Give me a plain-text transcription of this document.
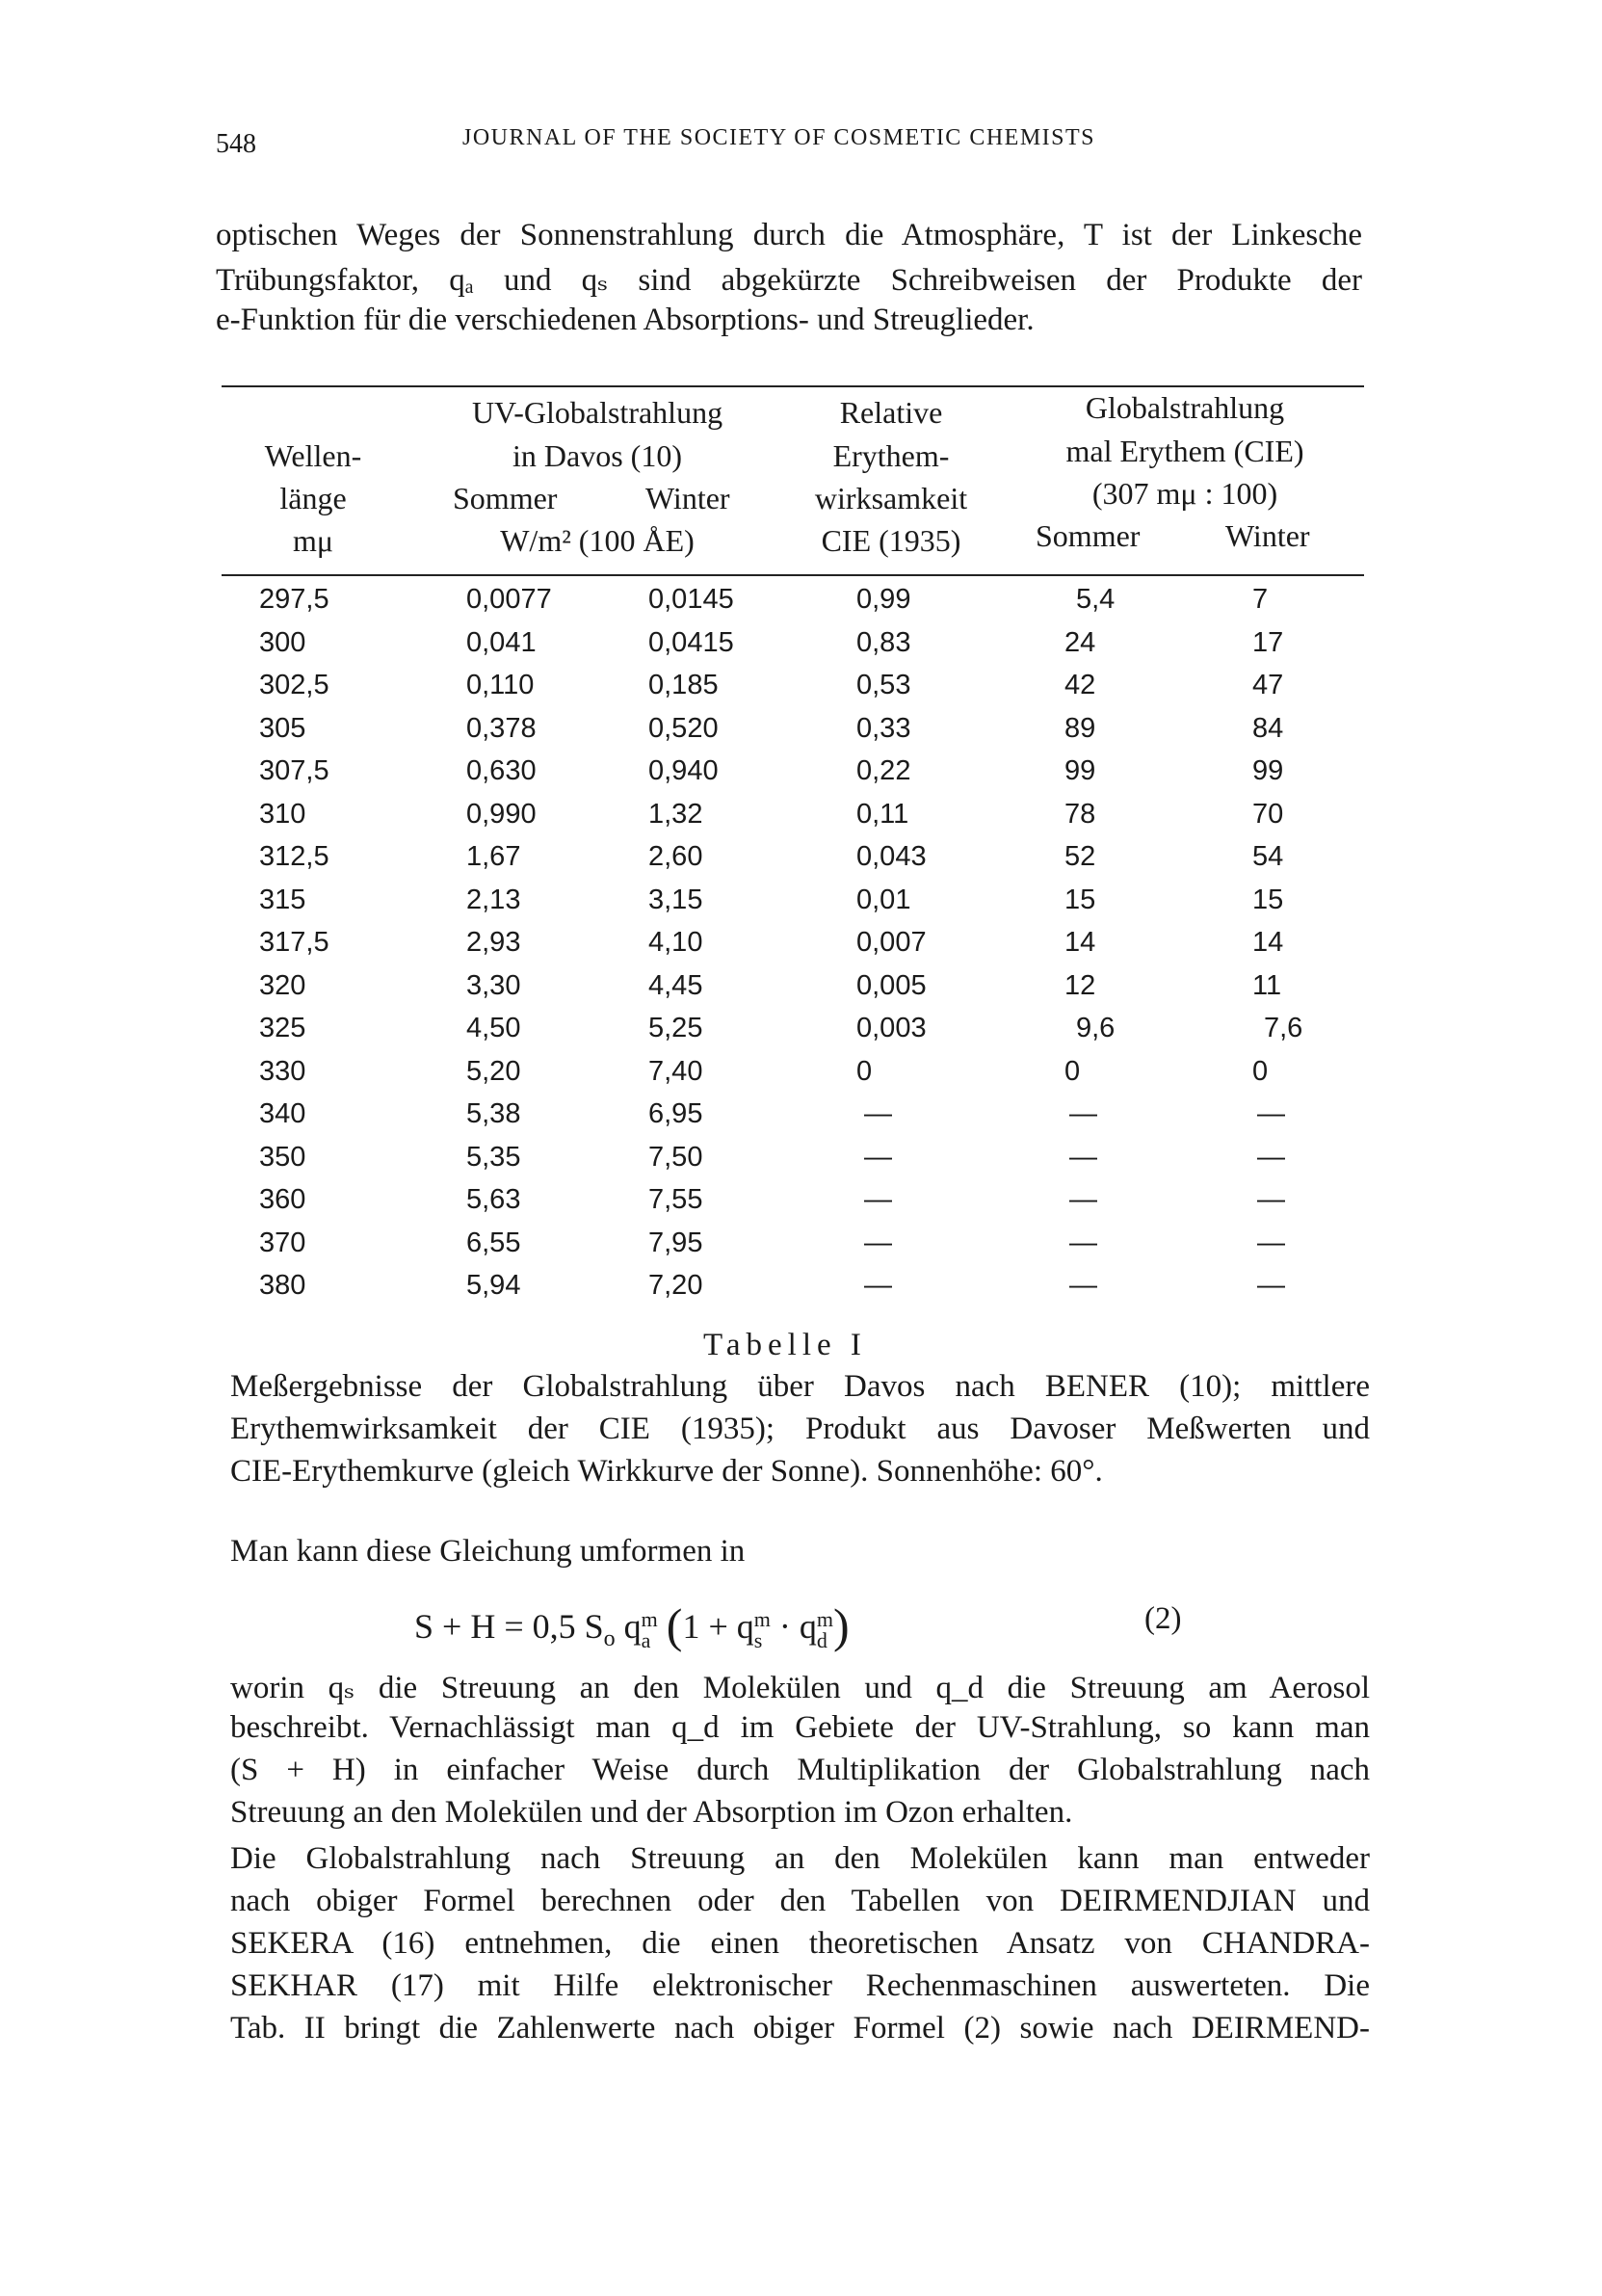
548	JOURNAL OF THE SOCIETY OF COSMETIC CHEMISTS
optischen Weges der Sonnenstrahlung durch die Atmosphäre, T ist der Linkesche
Trübungsfaktor, qₐ und qₛ sind abgekürzte Schreibweisen der Produkte der
e-Funktion für die verschiedenen Absorptions- und Streuglieder.
Wellen-
länge
mμ
UV-Globalstrahlung
in Davos (10)
Sommer	Winter
W/m² (100 ÅE)
Relative
Erythem-
wirksamkeit
CIE (1935)
Globalstrahlung
mal Erythem (CIE)
(307 mμ : 100)
Sommer	Winter
297,5	0,0077	0,0145	0,99	5,4	7
300	0,041	0,0415	0,83	24	17
302,5	0,110	0,185	0,53	42	47
305	0,378	0,520	0,33	89	84
307,5	0,630	0,940	0,22	99	99
310	0,990	1,32	0,11	78	70
312,5	1,67	2,60	0,043	52	54
315	2,13	3,15	0,01	15	15
317,5	2,93	4,10	0,007	14	14
320	3,30	4,45	0,005	12	11
325	4,50	5,25	0,003	9,6	7,6
330	5,20	7,40	0	0	0
340	5,38	6,95	—	—	—
350	5,35	7,50	—	—	—
360	5,63	7,55	—	—	—
370	6,55	7,95	—	—	—
380	5,94	7,20	—	—	—
Tabelle I
Meßergebnisse der Globalstrahlung über Davos nach BENER (10); mittlere
Erythemwirksamkeit der CIE (1935); Produkt aus Davoser Meßwerten und
CIE-Erythemkurve (gleich Wirkkurve der Sonne). Sonnenhöhe: 60°.
Man kann diese Gleichung umformen in
S + H = 0,5 $S_o$ q m
a (1 + q m
s · q m
d )	(2)
worin qₛ die Streuung an den Molekülen und q_d die Streuung am Aerosol
beschreibt. Vernachlässigt man q_d im Gebiete der UV-Strahlung, so kann man
(S + H) in einfacher Weise durch Multiplikation der Globalstrahlung nach
Streuung an den Molekülen und der Absorption im Ozon erhalten.
Die Globalstrahlung nach Streuung an den Molekülen kann man entweder
nach obiger Formel berechnen oder den Tabellen von DEIRMENDJIAN und
SEKERA (16) entnehmen, die einen theoretischen Ansatz von CHANDRA-
SEKHAR (17) mit Hilfe elektronischer Rechenmaschinen auswerteten. Die
Tab. II bringt die Zahlenwerte nach obiger Formel (2) sowie nach DEIRMEND-
